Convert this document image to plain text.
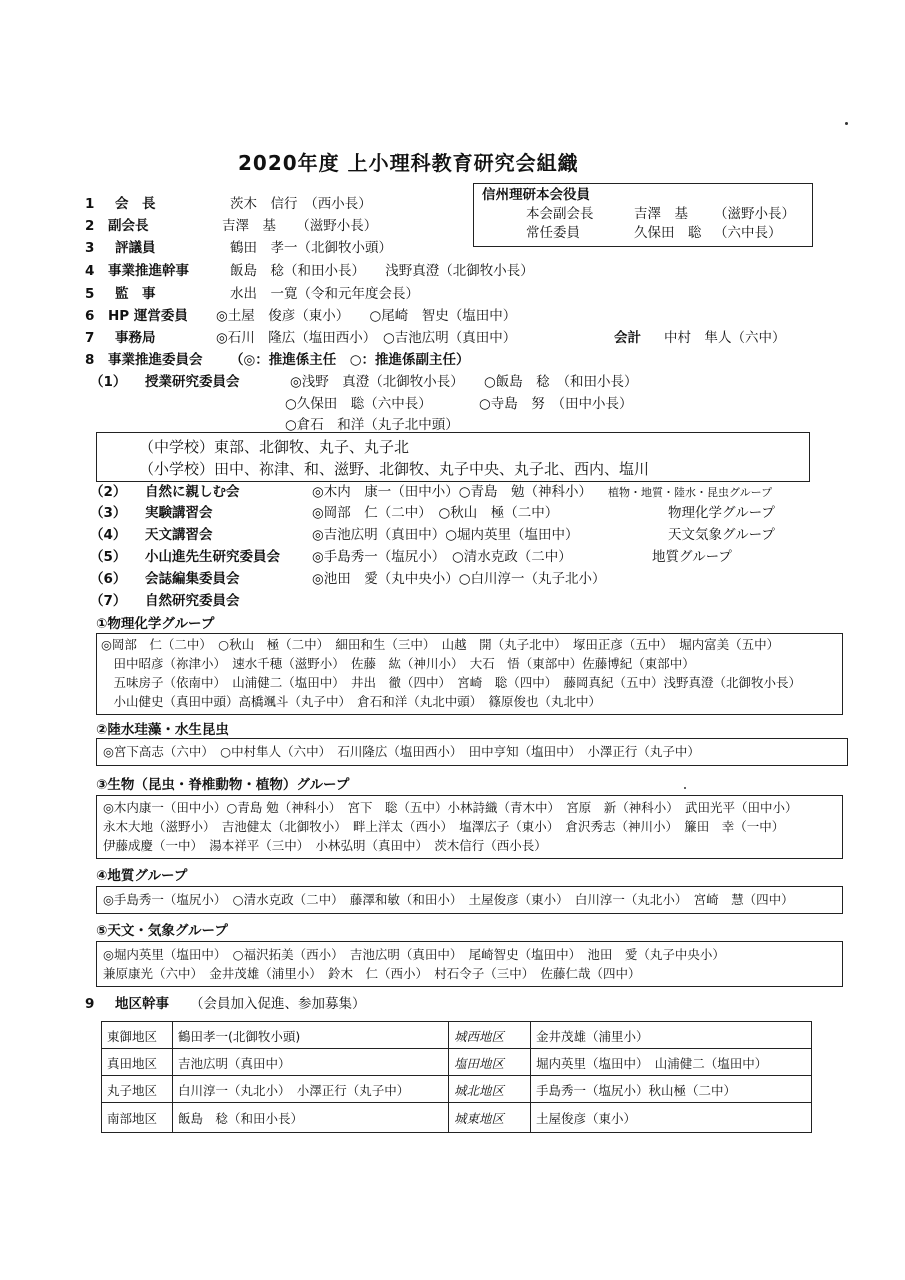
2020年度 上小理科教育研究会組織
信州理研本会役員
本会副会長	吉澤　基 （滋野小長）
常任委員	久保田　聡 （六中長）
1 会　長	茨木　信行　（西小長）
2 副会長	吉澤　基　　（滋野小長）
3 評議員	鶴田　孝一（北御牧小頭）
4 事業推進幹事	飯島　稔（和田小長）　　浅野真澄（北御牧小長）
5 監　事	水出　一寛（令和元年度会長）
6 HP 運営委員 ◎土屋　俊彦（東小）　　○尾崎　智史（塩田中）
7 事務局	◎石川　隆広（塩田西小）　○吉池広明（真田中）	会計 中村　隼人（六中）
8 事業推進委員会 （◎：推進係主任　○：推進係副主任）
（1） 授業研究委員会	◎浅野　真澄（北御牧小長）　　○飯島　稔　（和田小長）
○久保田　聡（六中長）　　　　○寺島　努　（田中小長）
○倉石　和洋（丸子北中頭）
（中学校）東部、北御牧、丸子、丸子北
（小学校）田中、祢津、和、滋野、北御牧、丸子中央、丸子北、西内、塩川
（2） 自然に親しむ会	◎木内　康一（田中小）○青島　勉（神科小） 植物・地質・陸水・昆虫グループ
（3） 実験講習会	◎岡部　仁（二中）　○秋山　極（二中）	物理化学グループ
（4） 天文講習会	◎吉池広明（真田中）○堀内英里（塩田中）	天文気象グループ
（5） 小山進先生研究委員会 ◎手島秀一（塩尻小）　○清水克政（二中）	地質グループ
（6） 会誌編集委員会	◎池田　愛（丸中央小）○白川淳一（丸子北小）
（7） 自然研究委員会
①物理化学グループ
◎岡部　仁（二中）　○秋山　極（二中）　細田和生（三中）　山越　開（丸子北中）　塚田正彦（五中）　堀内富美（五中）
　田中昭彦（祢津小）　速水千穂（滋野小）　佐藤　紘（神川小）　大石　悟（東部中）佐藤博紀（東部中）
　五味房子（依南中）　山浦健二（塩田中）　井出　徹（四中）　宮崎　聡（四中）　藤岡真紀（五中）浅野真澄（北御牧小長）
　小山健史（真田中頭）高橋颯斗（丸子中）　倉石和洋（丸北中頭）　篠原俊也（丸北中）
②陸水珪藻・水生昆虫
◎宮下高志（六中）　○中村隼人（六中）　石川隆広（塩田西小）　田中亨知（塩田中）　小澤正行（丸子中）
③生物（昆虫・脊椎動物・植物）グループ
◎木内康一（田中小）○青島 勉（神科小）　宮下　聡（五中）小林詩織（青木中）　宮原　新（神科小）　武田光平（田中小）
永木大地（滋野小）　吉池健太（北御牧小）　畔上洋太（西小）　塩澤広子（東小）　倉沢秀志（神川小）　簾田　幸（一中）
伊藤成慶（一中）　湯本祥平（三中）　小林弘明（真田中）　茨木信行（西小長）
④地質グループ
◎手島秀一（塩尻小）　○清水克政（二中）　藤澤和敏（和田小）　土屋俊彦（東小）　白川淳一（丸北小）　宮崎　慧（四中）
⑤天文・気象グループ
◎堀内英里（塩田中）　○福沢拓美（西小）　吉池広明（真田中）　尾崎智史（塩田中）　池田　愛（丸子中央小）
兼原康光（六中）　金井茂雄（浦里小）　鈴木　仁（西小）　村石令子（三中）　佐藤仁哉（四中）
9 地区幹事 （会員加入促進、参加募集）
東御地区 鶴田孝一(北御牧小頭)	城西地区	金井茂雄（浦里小）
真田地区 吉池広明（真田中）	塩田地区	堀内英里（塩田中）　山浦健二（塩田中）
丸子地区 白川淳一（丸北小）　小澤正行（丸子中）	城北地区	手島秀一（塩尻小）秋山極（二中）
南部地区 飯島　稔（和田小長）	城東地区	土屋俊彦（東小）
